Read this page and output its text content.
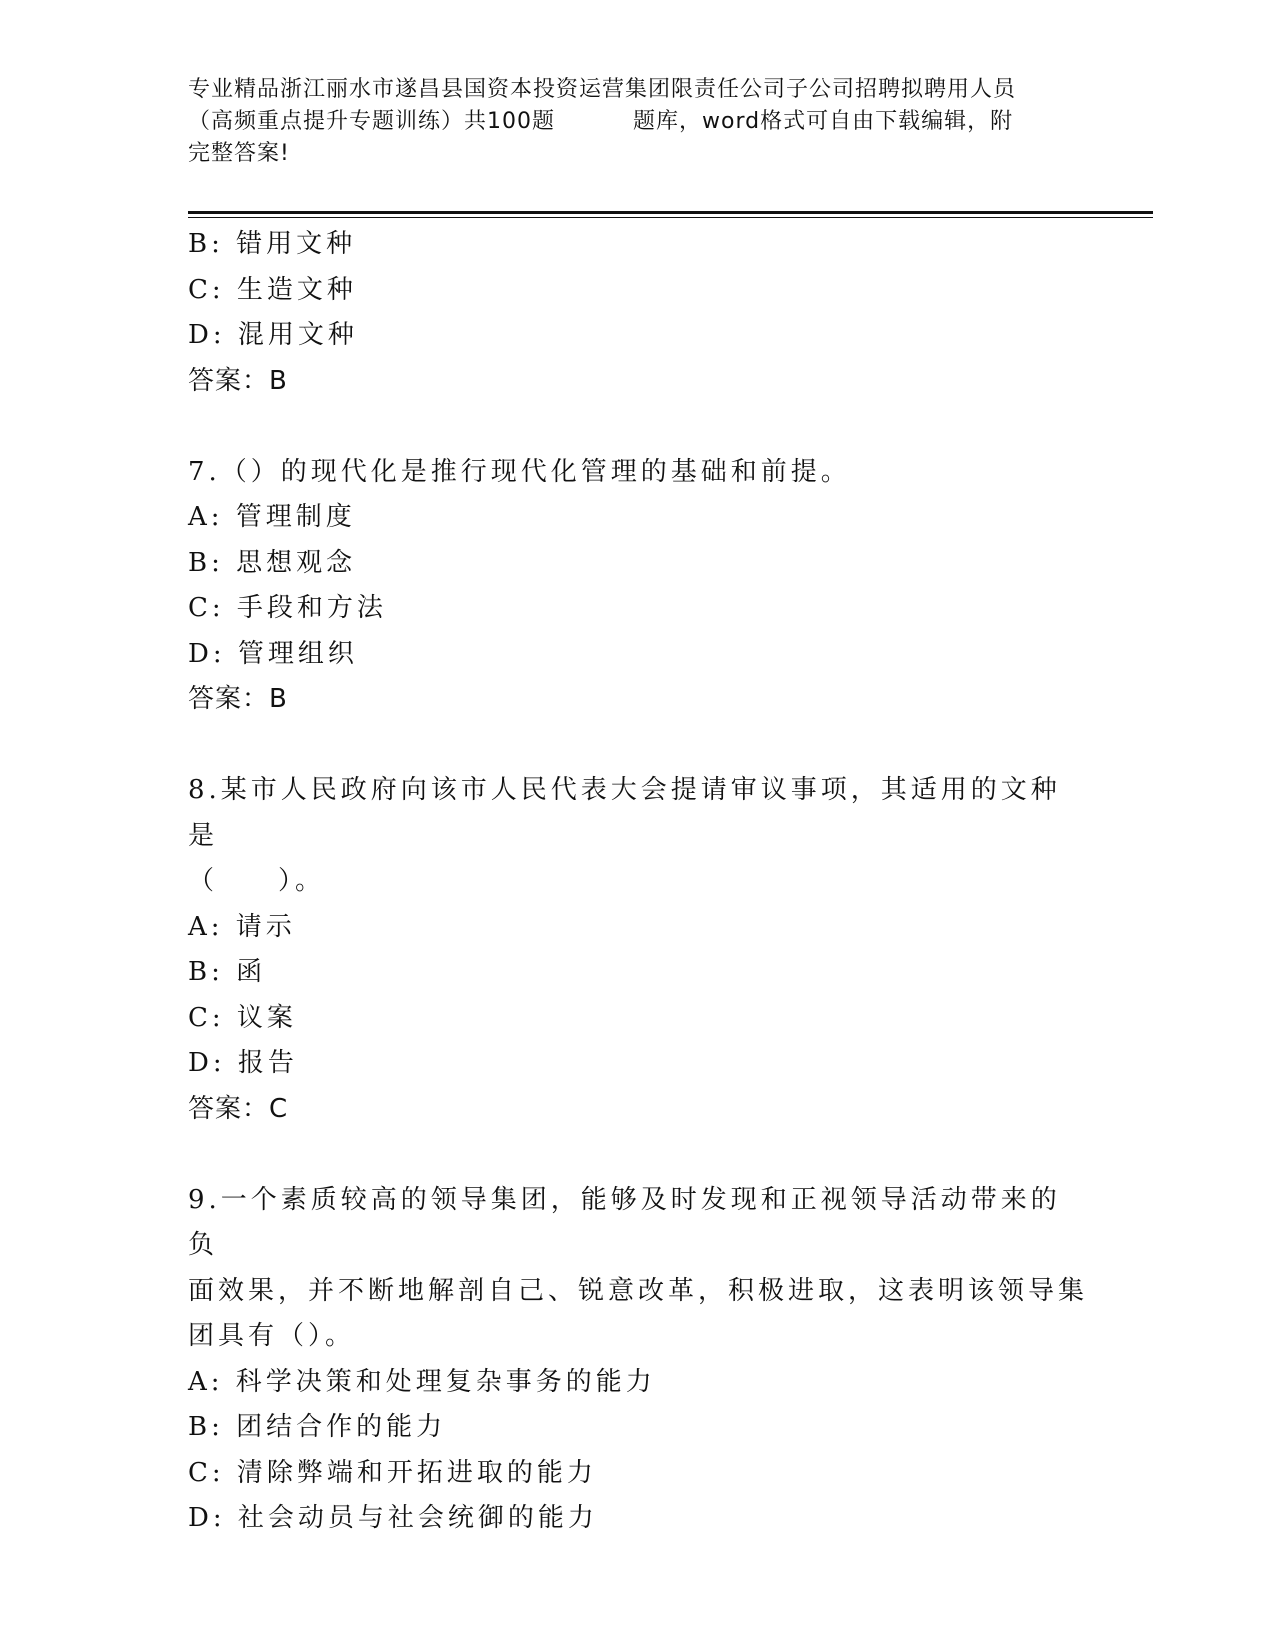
专业精品浙江丽水市遂昌县国资本投资运营集团限责任公司子公司招聘拟聘用人员
（高频重点提升专题训练）共100题	题库，word格式可自由下载编辑，附
完整答案!
B: 错用文种
C: 生造文种
D: 混用文种
答案：B
7.（）的现代化是推行现代化管理的基础和前提。
A: 管理制度
B: 思想观念
C: 手段和方法
D: 管理组织
答案：B
8.某市人民政府向该市人民代表大会提请审议事项，其适用的文种是
（　　）。
A: 请示
B: 函
C: 议案
D: 报告
答案：C
9.一个素质较高的领导集团，能够及时发现和正视领导活动带来的负
面效果，并不断地解剖自己、锐意改革，积极进取，这表明该领导集
团具有（）。
A: 科学决策和处理复杂事务的能力
B: 团结合作的能力
C: 清除弊端和开拓进取的能力
D: 社会动员与社会统御的能力
